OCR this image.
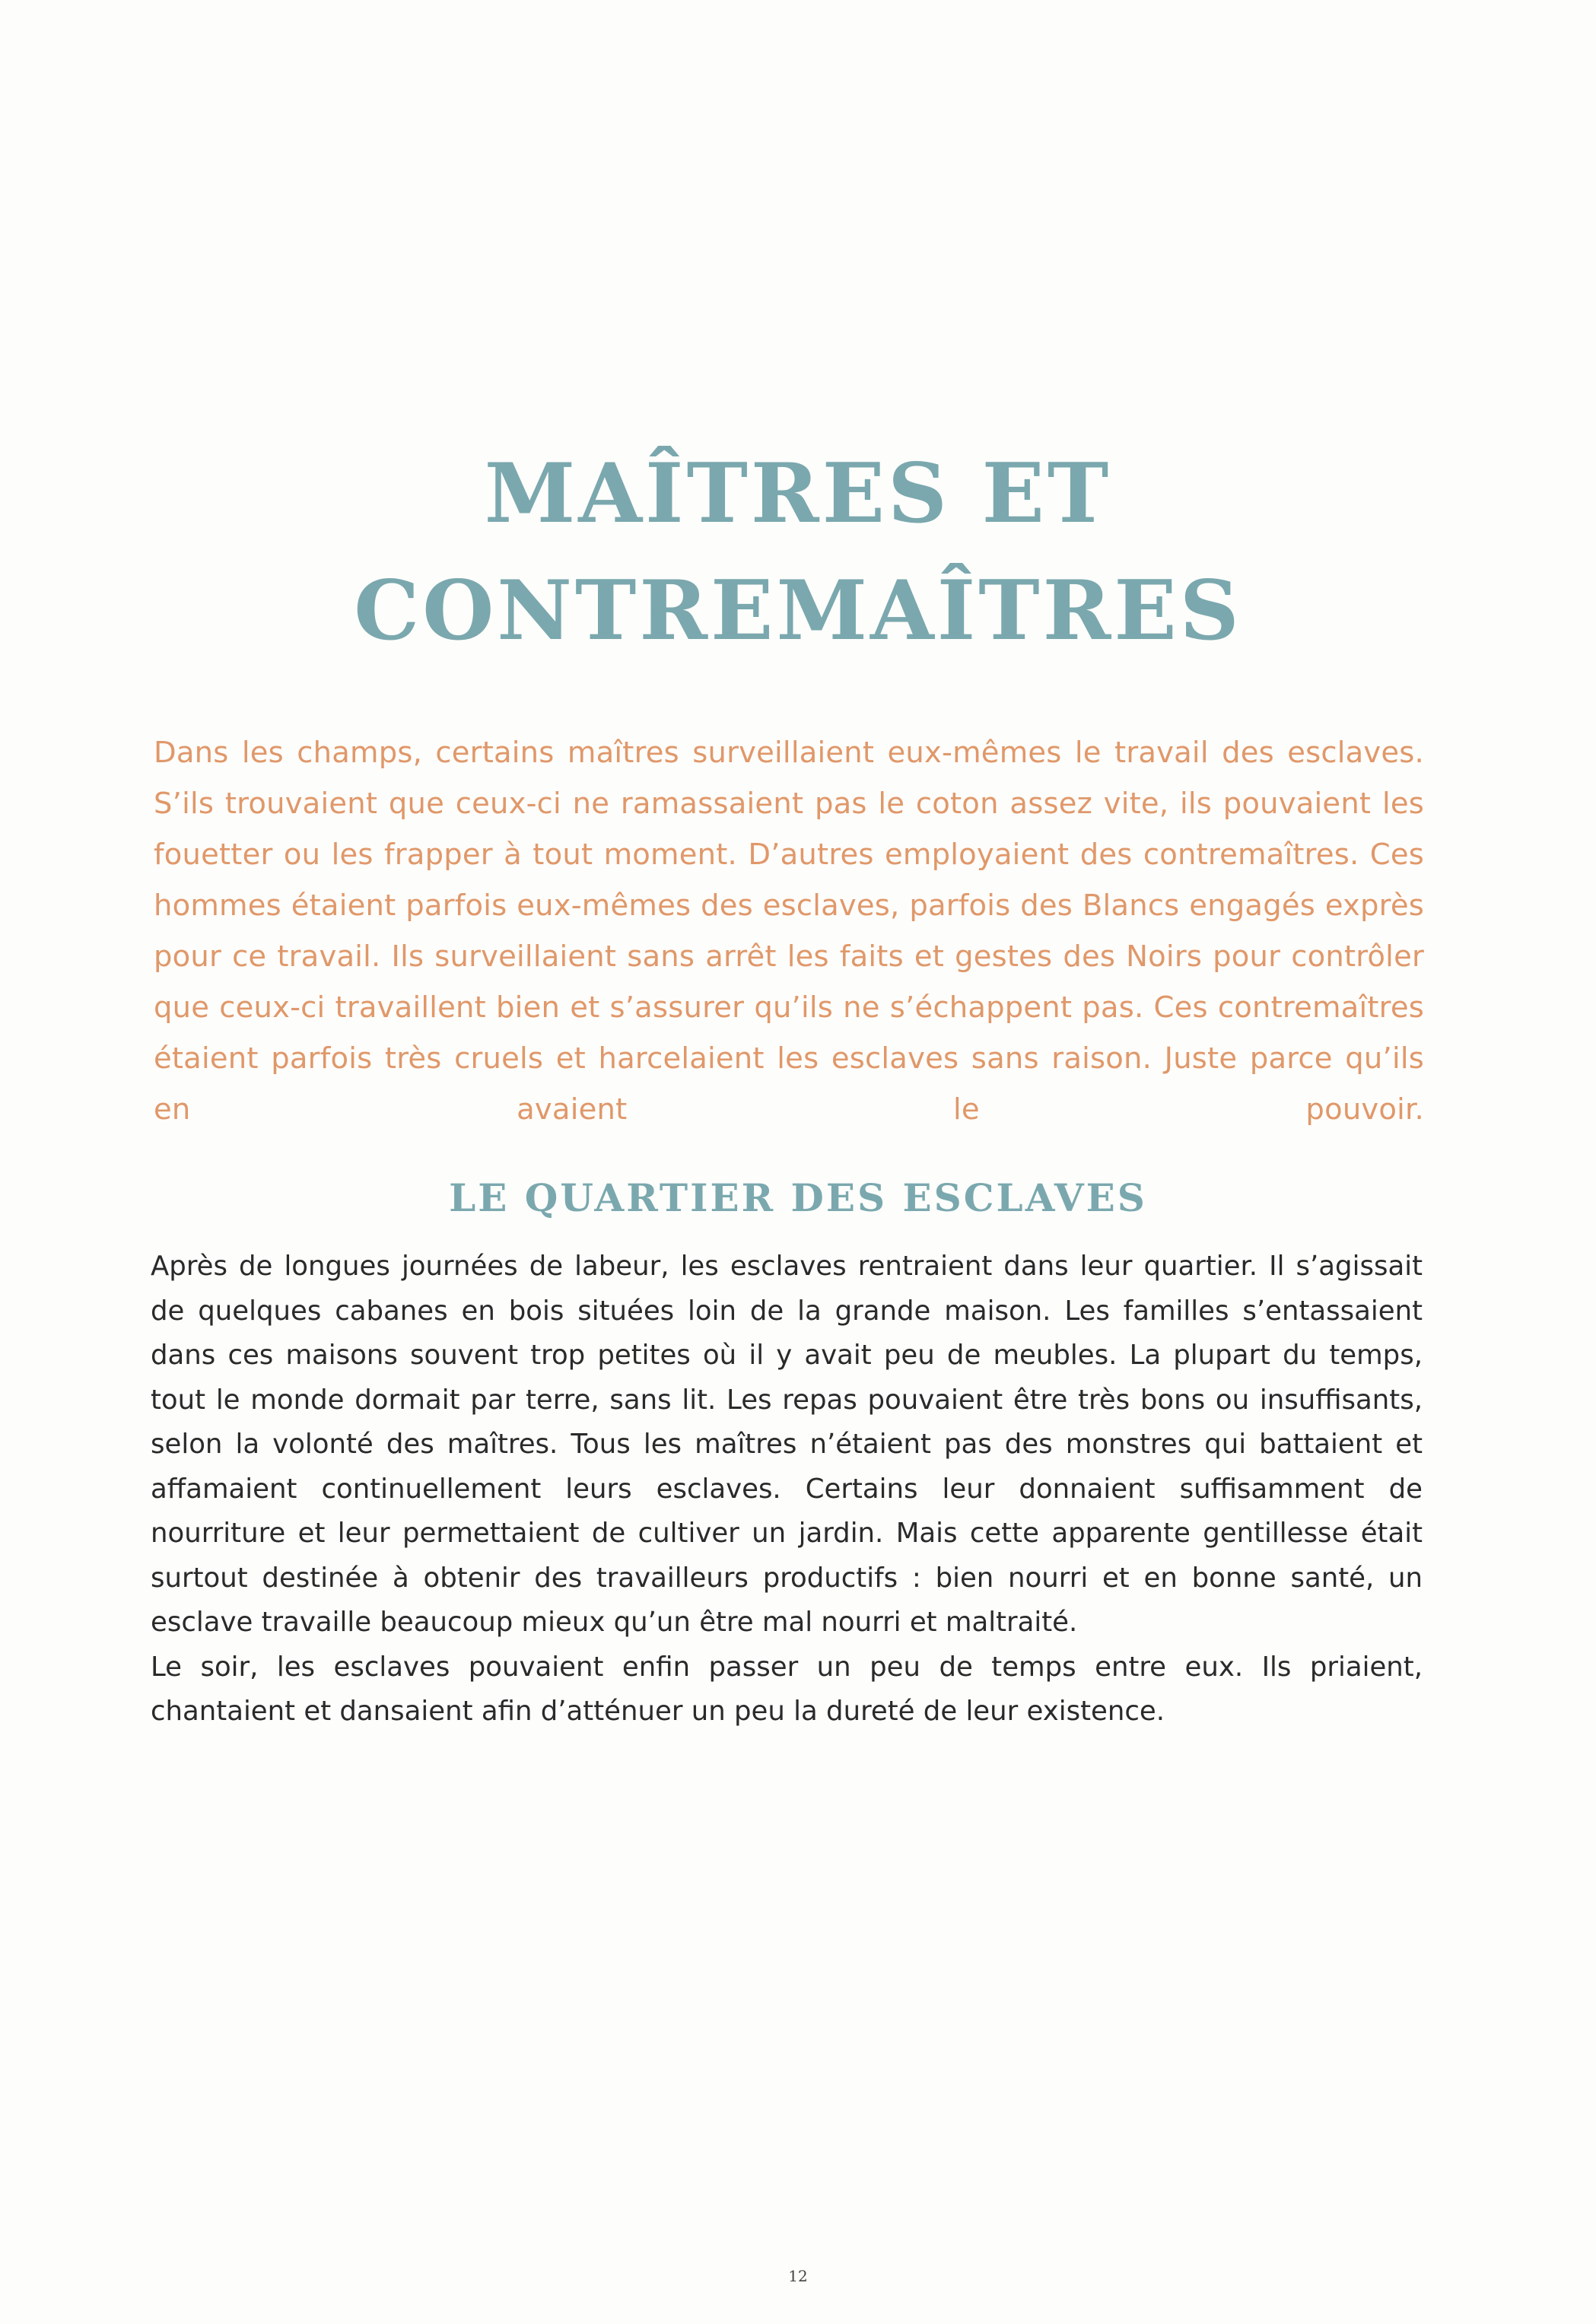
MAÎTRES ET
CONTREMAÎTRES

Dans les champs, certains maîtres surveillaient eux-mêmes le travail des esclaves. S’ils trouvaient que ceux-ci ne ramassaient pas le coton assez vite, ils pouvaient les fouetter ou les frapper à tout moment. D’autres employaient des contremaîtres. Ces hommes étaient parfois eux-mêmes des esclaves, parfois des Blancs engagés exprès pour ce travail. Ils surveillaient sans arrêt les faits et gestes des Noirs pour contrôler que ceux-ci travaillent bien et s’assurer qu’ils ne s’échappent pas. Ces contremaîtres étaient parfois très cruels et harcelaient les esclaves sans raison. Juste parce qu’ils en avaient le pouvoir.

LE QUARTIER DES ESCLAVES

Après de longues journées de labeur, les esclaves rentraient dans leur quartier. Il s’agissait de quelques cabanes en bois situées loin de la grande maison. Les familles s’entassaient dans ces maisons souvent trop petites où il y avait peu de meubles. La plupart du temps, tout le monde dormait par terre, sans lit. Les repas pouvaient être très bons ou insuffisants, selon la volonté des maîtres. Tous les maîtres n’étaient pas des monstres qui battaient et affamaient continuellement leurs esclaves. Certains leur donnaient suffisamment de nourriture et leur permettaient de cultiver un jardin. Mais cette apparente gentillesse était surtout destinée à obtenir des travailleurs productifs : bien nourri et en bonne santé, un esclave travaille beaucoup mieux qu’un être mal nourri et maltraité.

Le soir, les esclaves pouvaient enfin passer un peu de temps entre eux. Ils priaient, chantaient et dansaient afin d’atténuer un peu la dureté de leur existence.

12
